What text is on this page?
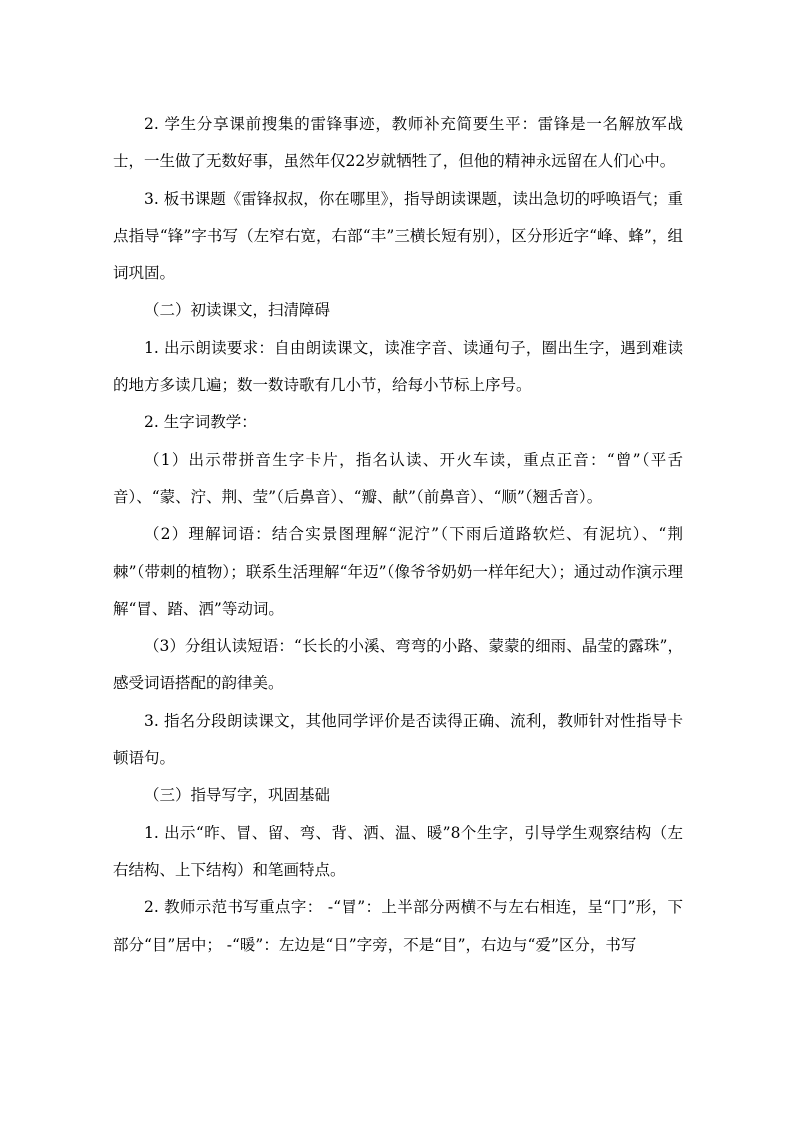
2. 学生分享课前搜集的雷锋事迹，教师补充简要生平：雷锋是一名解放军战士，一生做了无数好事，虽然年仅22岁就牺牲了，但他的精神永远留在人们心中。

3. 板书课题《雷锋叔叔，你在哪里》，指导朗读课题，读出急切的呼唤语气；重点指导“锋”字书写（左窄右宽，右部“丰”三横长短有别），区分形近字“峰、蜂”，组词巩固。

（二）初读课文，扫清障碍

1. 出示朗读要求：自由朗读课文，读准字音、读通句子，圈出生字，遇到难读的地方多读几遍；数一数诗歌有几小节，给每小节标上序号。

2. 生字词教学：

（1）出示带拼音生字卡片，指名认读、开火车读，重点正音：“曾”（平舌音）、“蒙、泞、荆、莹”（后鼻音）、“瓣、献”（前鼻音）、“顺”（翘舌音）。

（2）理解词语：结合实景图理解“泥泞”（下雨后道路软烂、有泥坑）、“荆棘”（带刺的植物）；联系生活理解“年迈”（像爷爷奶奶一样年纪大）；通过动作演示理解“冒、踏、洒”等动词。

（3）分组认读短语：“长长的小溪、弯弯的小路、蒙蒙的细雨、晶莹的露珠”，感受词语搭配的韵律美。

3. 指名分段朗读课文，其他同学评价是否读得正确、流利，教师针对性指导卡顿语句。

（三）指导写字，巩固基础

1. 出示“昨、冒、留、弯、背、洒、温、暖”8个生字，引导学生观察结构（左右结构、上下结构）和笔画特点。

2. 教师示范书写重点字： -“冒”：上半部分两横不与左右相连，呈“冂”形，下部分“目”居中； -“暖”：左边是“日”字旁，不是“目”，右边与“爱”区分，书写
